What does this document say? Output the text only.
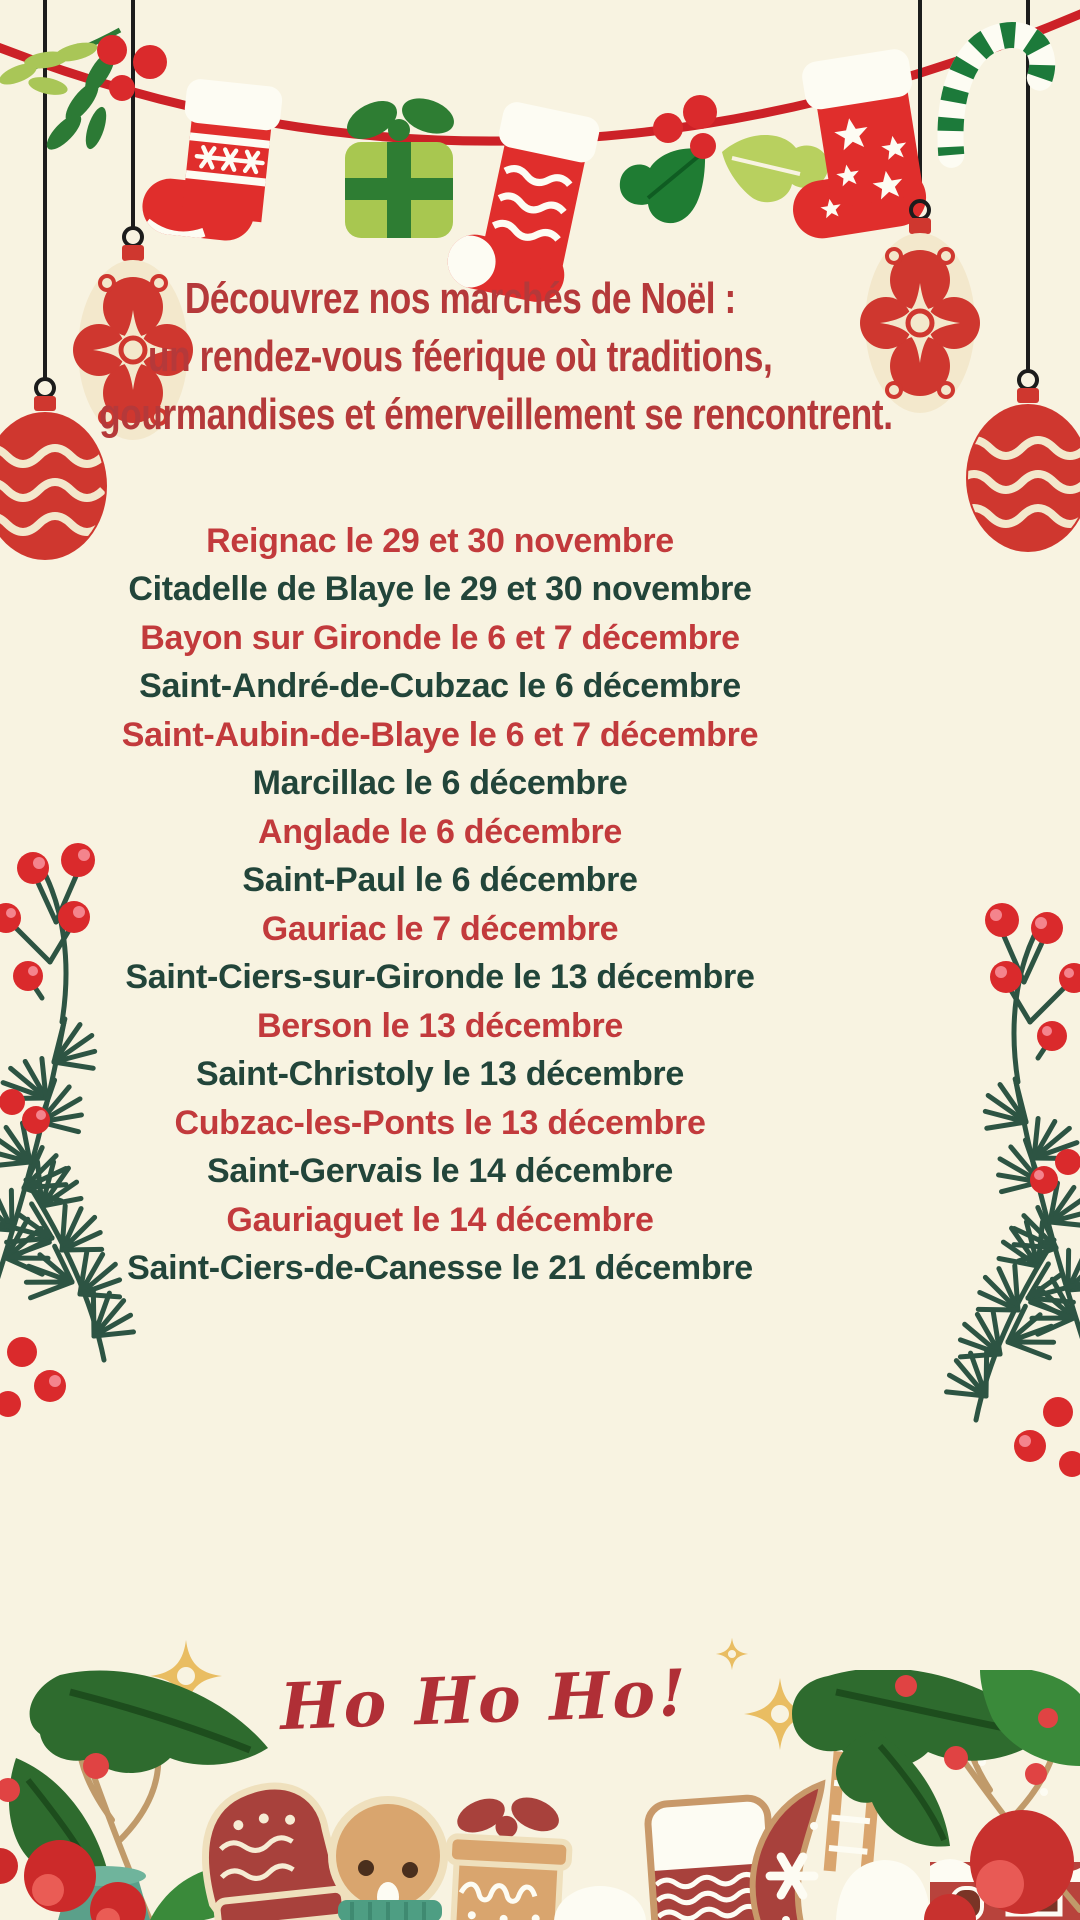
Découvrez nos marchés de Noël :
un rendez-vous féerique où traditions,
gourmandises et émerveillement se rencontrent.
Reignac le 29 et 30 novembre
Citadelle de Blaye le 29 et 30 novembre
Bayon sur Gironde le 6 et 7 décembre
Saint-André-de-Cubzac le 6 décembre
Saint-Aubin-de-Blaye le 6 et 7 décembre
Marcillac le 6 décembre
Anglade le 6 décembre
Saint-Paul le 6 décembre
Gauriac le 7 décembre
Saint-Ciers-sur-Gironde le 13 décembre
Berson le 13 décembre
Saint-Christoly le 13 décembre
Cubzac-les-Ponts le 13 décembre
Saint-Gervais le 14 décembre
Gauriaguet le 14 décembre
Saint-Ciers-de-Canesse le 21 décembre
Ho Ho Ho!
